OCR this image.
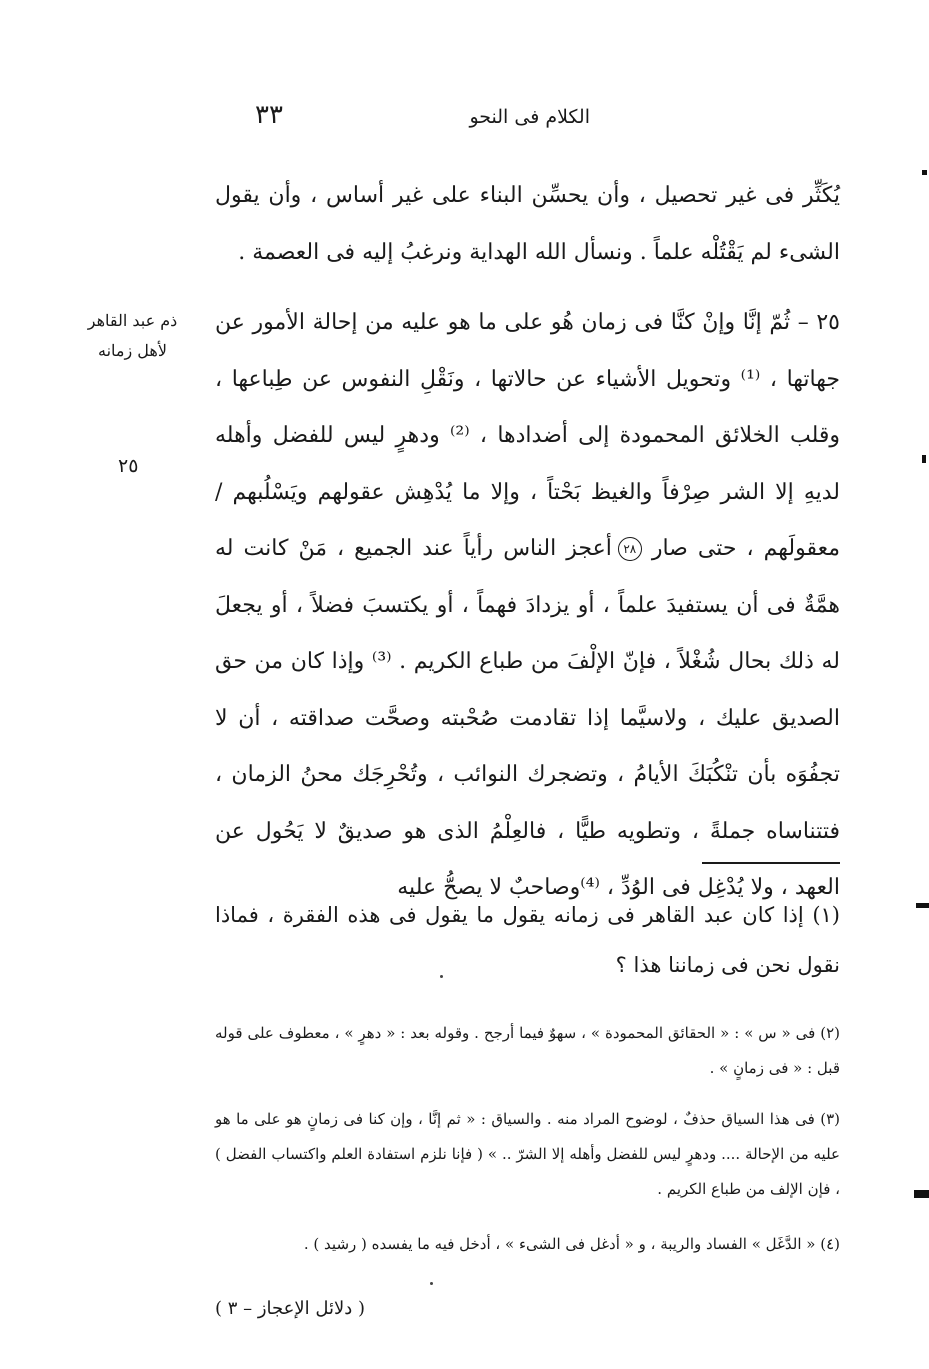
الكلام فى النحو
٣٣

يُكَثِّر فى غير تحصيل ، وأن يحسِّن البناء على غير أساس ، وأن يقول الشىء لم يَقْتُلْه علماً . ونسأل الله الهداية ونرغبُ إليه فى العصمة .

٢٥ – ثُمّ إنَّا وإنْ كنَّا فى زمان هُو على ما هو عليه من إحالة الأمور عن جهاتها ، ⁽¹⁾ وتحويل الأشياء عن حالاتها ، ونَقْلِ النفوس عن طِباعها ، وقلب الخلائق المحمودة إلى أضدادها ، ⁽²⁾ ودهرٍ ليس للفضل وأهله لديهِ إلا الشر صِرْفاً والغيظ بَحْتاً ، وإلا ما يُدْهِش عقولهم ويَسْلُبهم / معقولَهم ، حتى صار ٢٨أعجز الناس رأياً عند الجميع ، مَنْ كانت له همَّةٌ فى أن يستفيدَ علماً ، أو يزدادَ فهماً ، أو يكتسبَ فضلاً ، أو يجعلَ له ذلك بحال شُغْلاً ، فإنّ الإلْفَ من طباع الكريم . ⁽³⁾ وإذا كان من حق الصديق عليك ، ولاسيَّما إذا تقادمت صُحْبته وصحَّت صداقته ، أن لا تجفُوَه بأن تنْكُبَكَ الأيامُ ، وتضجرك النوائب ، وتُحْرِجَك محنُ الزمان ، فتتناساه جملةً ، وتطويه طيًّا ، فالعِلْمُ الذى هو صديقٌ لا يَحُول عن العهد ، ولا يُدْغِل فى الوُدِّ ، ⁽⁴⁾وصاحبٌ لا يصحُّ عليه

ذم عبد القاهر لأهل زمانه
٢٥
(١) إذا كان عبد القاهر فى زمانه يقول ما يقول فى هذه الفقرة ، فماذا نقول نحن فى زماننا هذا ؟
(٢) فى « س » : « الحقائق المحمودة » ، سهوٌ فيما أرجح . وقوله بعد : « دهرٍ » ، معطوف على قوله قبل : « فى زمانٍ » .
(٣) فى هذا السياق حذفٌ ، لوضوح المراد منه . والسياق : « ثم إنَّا ، وإن كنا فى زمانٍ هو على ما هو عليه من الإحالة .... ودهرٍ ليس للفضل وأهله إلا الشرّ .. » ( فإنا نلزم استفادة العلم واكتساب الفضل ) ، فإن الإلف من طباع الكريم .
(٤) « الدَّغَل » الفساد والريبة ، و « أدغل فى الشىء » ، أدخل فيه ما يفسده ( رشيد ) .
( دلائل الإعجاز – ٣ )
